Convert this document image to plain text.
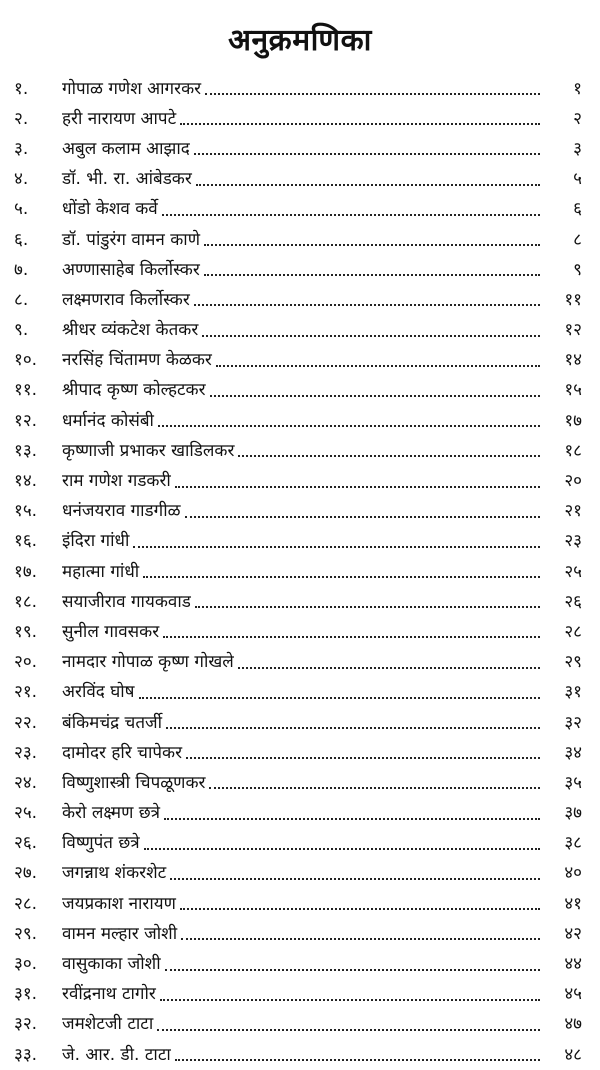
अनुक्रमणिका
१.	गोपाळ गणेश आगरकर	१
२.	हरी नारायण आपटे	२
३.	अबुल कलाम आझाद	३
४.	डॉ. भी. रा. आंबेडकर	५
५.	धोंडो केशव कर्वे	६
६.	डॉ. पांडुरंग वामन काणे	८
७.	अण्णासाहेब किर्लोस्कर	९
८.	लक्ष्मणराव किर्लोस्कर	११
९.	श्रीधर व्यंकटेश केतकर	१२
१०.	नरसिंह चिंतामण केळकर	१४
११.	श्रीपाद कृष्ण कोल्हटकर	१५
१२.	धर्मानंद कोसंबी	१७
१३.	कृष्णाजी प्रभाकर खाडिलकर	१८
१४.	राम गणेश गडकरी	२०
१५.	धनंजयराव गाडगीळ	२१
१६.	इंदिरा गांधी	२३
१७.	महात्मा गांधी	२५
१८.	सयाजीराव गायकवाड	२६
१९.	सुनील गावसकर	२८
२०.	नामदार गोपाळ कृष्ण गोखले	२९
२१.	अरविंद घोष	३१
२२.	बंकिमचंद्र चतर्जी	३२
२३.	दामोदर हरि चापेकर	३४
२४.	विष्णुशास्त्री चिपळूणकर	३५
२५.	केरो लक्ष्मण छत्रे	३७
२६.	विष्णुपंत छत्रे	३८
२७.	जगन्नाथ शंकरशेट	४०
२८.	जयप्रकाश नारायण	४१
२९.	वामन मल्हार जोशी	४२
३०.	वासुकाका जोशी	४४
३१.	रवींद्रनाथ टागोर	४५
३२.	जमशेटजी टाटा	४७
३३.	जे. आर. डी. टाटा	४८
